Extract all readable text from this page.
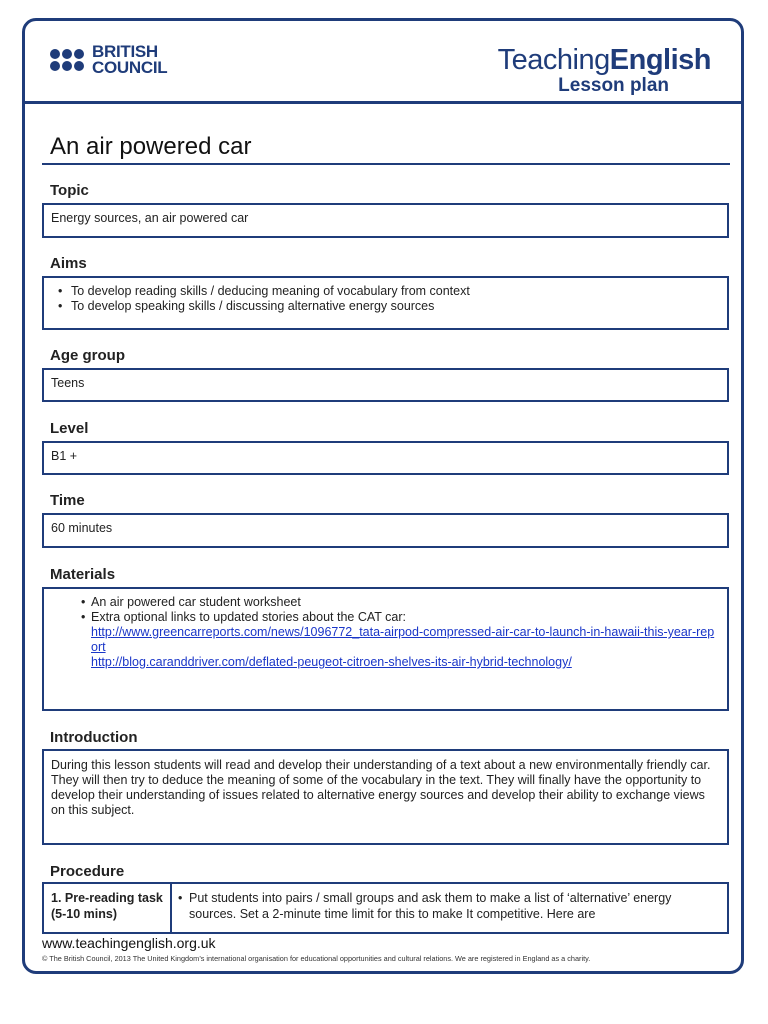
BRITISH
COUNCIL	TeachingEnglish
Lesson plan
An air powered car
Topic
Energy sources, an air powered car
Aims
• To develop reading skills / deducing meaning of vocabulary from context
• To develop speaking skills / discussing alternative energy sources
Age group
Teens
Level
B1 +
Time
60 minutes
Materials
• An air powered car student worksheet
• Extra optional links to updated stories about the CAT car:
http://www.greencarreports.com/news/1096772_tata-airpod-compressed-air-car-to-launch-in-hawaii-this-year-report
http://blog.caranddriver.com/deflated-peugeot-citroen-shelves-its-air-hybrid-technology/
Introduction
During this lesson students will read and develop their understanding of a text about a new environmentally friendly car. They will then try to deduce the meaning of some of the vocabulary in the text. They will finally have the opportunity to develop their understanding of issues related to alternative energy sources and develop their ability to exchange views on this subject.
Procedure
1. Pre-reading task (5-10 mins)
• Put students into pairs / small groups and ask them to make a list of ‘alternative’ energy sources. Set a 2-minute time limit for this to make It competitive. Here are
www.teachingenglish.org.uk
© The British Council, 2013 The United Kingdom’s international organisation for educational opportunities and cultural relations. We are registered in England as a charity.
